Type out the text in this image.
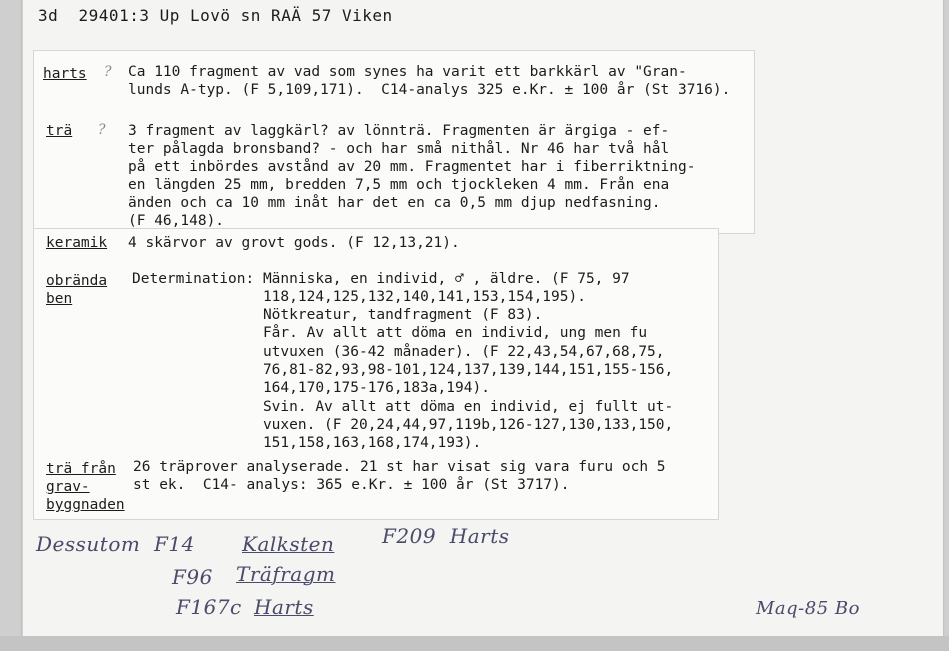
3d  29401:3 Up Lovö sn RAÄ 57 Viken
harts ? Ca 110 fragment av vad som synes ha varit ett barkkärl av "Gran-
lunds A-typ. (F 5,109,171).  C14-analys 325 e.Kr. ± 100 år (St 3716).
trä ? 3 fragment av laggkärl? av lönnträ. Fragmenten är ärgiga - ef-
ter pålagda bronsband? - och har små nithål. Nr 46 har två hål
på ett inbördes avstånd av 20 mm. Fragmentet har i fiberriktning-
en längden 25 mm, bredden 7,5 mm och tjockleken 4 mm. Från ena
änden och ca 10 mm inåt har det en ca 0,5 mm djup nedfasning.
(F 46,148).
keramik 4 skärvor av grovt gods. (F 12,13,21).
obrända
ben
Determination: Människa, en individ, ♂ , äldre. (F 75, 97
118,124,125,132,140,141,153,154,195).
Nötkreatur, tandfragment (F 83).
Får. Av allt att döma en individ, ung men fu
utvuxen (36-42 månader). (F 22,43,54,67,68,75,
76,81-82,93,98-101,124,137,139,144,151,155-156,
164,170,175-176,183a,194).
Svin. Av allt att döma en individ, ej fullt ut-
vuxen. (F 20,24,44,97,119b,126-127,130,133,150,
151,158,163,168,174,193).
trä från
grav-
byggnaden
26 träprover analyserade. 21 st har visat sig vara furu och 5
st ek.  C14- analys: 365 e.Kr. ± 100 år (St 3717).
Dessutom  F14 Kalksten F209  Harts
F96 Träfragm
F167c Harts	Maq-85 Bo
